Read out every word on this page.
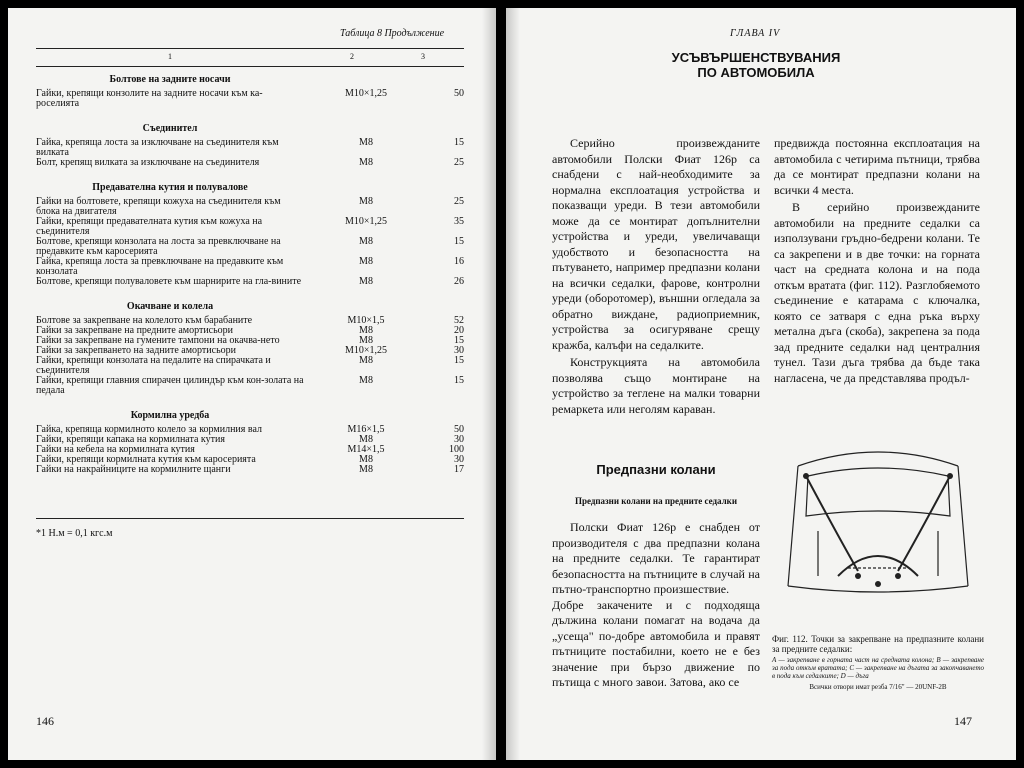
Таблица 8 Продължение
1	2	3
Болтове на задните носачи
Гайки, крепящи конзолите на задните носачи към ка-роселията
М10×1,25	50
Съединител
Гайка, крепяща лоста за изключване на съединителя към вилката
М8	15
Болт, крепящ вилката за изключване на съединителя	М8	25
Предавателна кутия и полувалове
Гайки на болтовете, крепящи кожуха на съединителя към блока на двигателя
М8	25
Гайки, крепящи предавателната кутия към кожуха на съединителя
М10×1,25	35
Болтове, крепящи конзолата на лоста за превключване на предавките към каросерията
М8	15
Гайка, крепяща лоста за превключване на предавките към конзолата
М8	16
Болтове, крепящи полуваловете към шарнирите на гла-вините	М8	26
Окачване и колела
Болтове за закрепване на колелото към барабаните	М10×1,5	52
Гайки за закрепване на предните амортисьори	М8	20
Гайки за закрепване на гумените тампони на окачва-нето	М8	15
Гайки за закрепването на задните амортисьори	М10×1,25	30
Гайки, крепящи конзолата на педалите на спирачката и съединителя
М8	15
Гайки, крепящи главния спирачен цилиндър към кон-золата на педала
М8	15
Кормилна уредба
Гайка, крепяща кормилното колело за кормилния вал	М16×1,5	50
Гайки, крепящи капака на кормилната кутия	М8	30
Гайки на кебела на кормилната кутия	М14×1,5	100
Гайки, крепящи кормилната кутия към каросерията	М8	30
Гайки на накрайниците на кормилните щанги	М8	17
*1 Н.м = 0,1 кгс.м
146
ГЛАВА IV
УСЪВЪРШЕНСТВУВАНИЯ
ПО АВТОМОБИЛА

Серийно произвежданите автомобили Полски Фиат 126р са снабдени с най-необходимите за нормална експлоатация устройства и показващи уреди. В тези автомобили може да се монтират допълнителни устройства и уреди, увеличаващи удобството и безопасността на пътуването, например предпазни колани на всички седалки, фарове, контролни уреди (оборотомер), външни огледала за обратно виждане, радиоприемник, устройства за осигуряване срещу кражба, калъфи на седалките.

Конструкцията на автомобила позволява също монтиране на устройство за теглене на малки товарни ремаркета или неголям караван.

предвижда постоянна експлоатация на автомобила с четирима пътници, трябва да се монтират предпазни колани на всички 4 места.

В серийно произвежданите автомобили на предните седалки са използувани гръдно-бедрени колани. Те са закрепени и в две точки: на горната част на средната колона и на пода откъм вратата (фиг. 112). Разглобяемото съединение е катарама с ключалка, която се затваря с една ръка върху метална дъга (скоба), закрепена за пода зад предните седалки над централния тунел. Тази дъга трябва да бъде така нагласена, че да представлява продъл-

Предпазни колани
Предпазни колани на предните седалки

Полски Фиат 126р е снабден от производителя с два предпазни колана на предните седалки. Те гарантират безопасността на пътниците в случай на пътно-транспортно произшествие.

Добре закачените и с подходяща дължина колани помагат на водача да „усеща" по-добре автомобила и правят пътниците постабилни, което не е без значение при бързо движение по пътища с много завои. Затова, ако се

Фиг. 112. Точки за закрепване на предпазните колани за предните седалки:
А — закрепване в горната част на средната колона; В — закрепване за пода откъм вратата; С — закрепване на дъгата за закопчаването в пода към седалките; D — дъга
Всички отвори имат резба 7/16" — 20UNF-2B
147
